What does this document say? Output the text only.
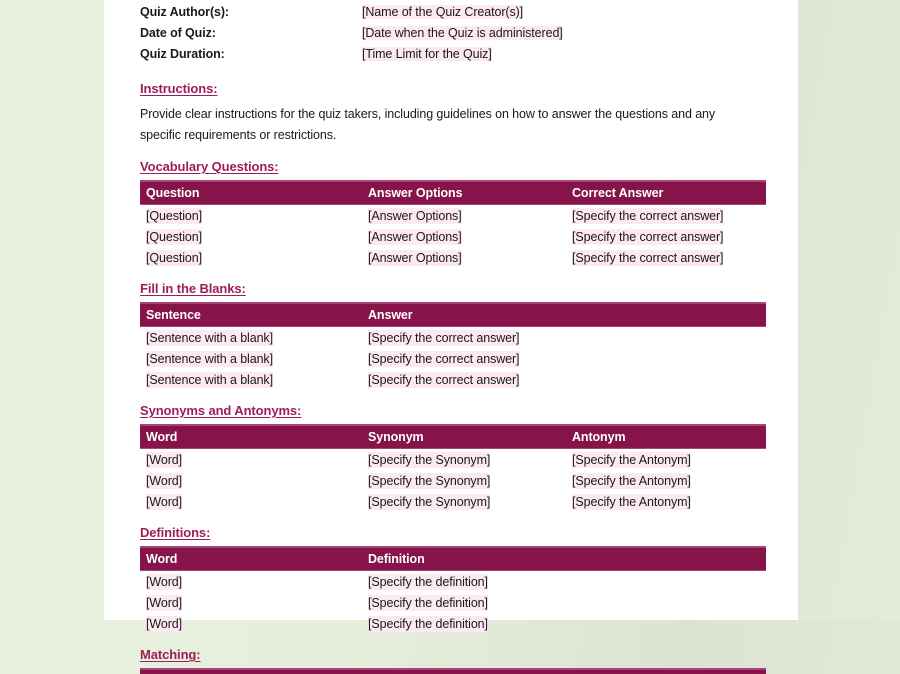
Quiz Author(s):	[Name of the Quiz Creator(s)]
Date of Quiz:	[Date when the Quiz is administered]
Quiz Duration:	[Time Limit for the Quiz]
Instructions:
Provide clear instructions for the quiz takers, including guidelines on how to answer the questions and any specific requirements or restrictions.
Vocabulary Questions:
Question	Answer Options	Correct Answer
[Question]	[Answer Options]	[Specify the correct answer]
[Question]	[Answer Options]	[Specify the correct answer]
[Question]	[Answer Options]	[Specify the correct answer]
Fill in the Blanks:
Sentence	Answer
[Sentence with a blank]	[Specify the correct answer]
[Sentence with a blank]	[Specify the correct answer]
[Sentence with a blank]	[Specify the correct answer]
Synonyms and Antonyms:
Word	Synonym	Antonym
[Word]	[Specify the Synonym]	[Specify the Antonym]
[Word]	[Specify the Synonym]	[Specify the Antonym]
[Word]	[Specify the Synonym]	[Specify the Antonym]
Definitions:
Word	Definition
[Word]	[Specify the definition]
[Word]	[Specify the definition]
[Word]	[Specify the definition]
Matching:
